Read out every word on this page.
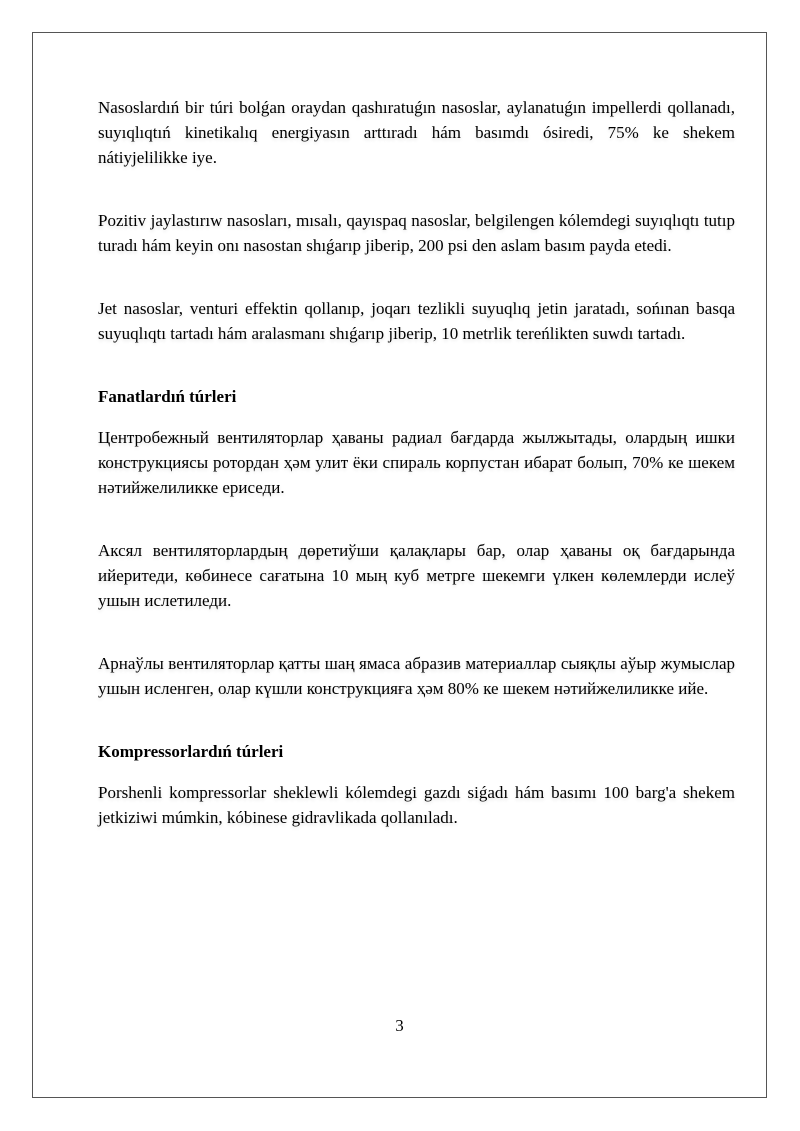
Nasoslardıń bir túri bolǵan oraydan qashıratuǵın nasoslar, aylanatuǵın impellerdi qollanadı, suyıqlıqtıń kinetikalıq energiyasın arttıradı hám basımdı ósiredi, 75% ke shekem nátiyjelilikke iye.

Pozitiv jaylastırıw nasosları, mısalı, qayıspaq nasoslar, belgilengen kólemdegi suyıqlıqtı tutıp turadı hám keyin onı nasostan shıǵarıp jiberip, 200 psi den aslam basım payda etedi.

Jet nasoslar, venturi effektin qollanıp, joqarı tezlikli suyuqlıq jetin jaratadı, sońınan basqa suyuqlıqtı tartadı hám aralasmanı shıǵarıp jiberip, 10 metrlik tereńlikten suwdı tartadı.

Fanatlardıń túrleri

Центробежный вентиляторлар ҳаваны радиал бағдарда жылжытады, олардың ишки конструкциясы ротордан ҳәм улит ёки спираль корпустан ибарат болып, 70% ке шекем нәтийжелиликке ериседи.

Аксял вентиляторлардың дөретиўши қалақлары бар, олар ҳаваны оқ бағдарында ийеритеди, көбинесе сағатына 10 мың куб метрге шекемги үлкен көлемлерди ислеў ушын ислетиледи.

Арнаўлы вентиляторлар қатты шаң ямаса абразив материаллар сыяқлы аўыр жумыслар ушын исленген, олар күшли конструкцияға ҳәм 80% ке шекем нәтийжелиликке ийе.

Kompressorlardıń túrleri

Porshenli kompressorlar sheklewli kólemdegi gazdı siǵadı hám basımı 100 barg'a shekem jetkiziwi múmkin, kóbinese gidravlikada qollanıladı.

3
